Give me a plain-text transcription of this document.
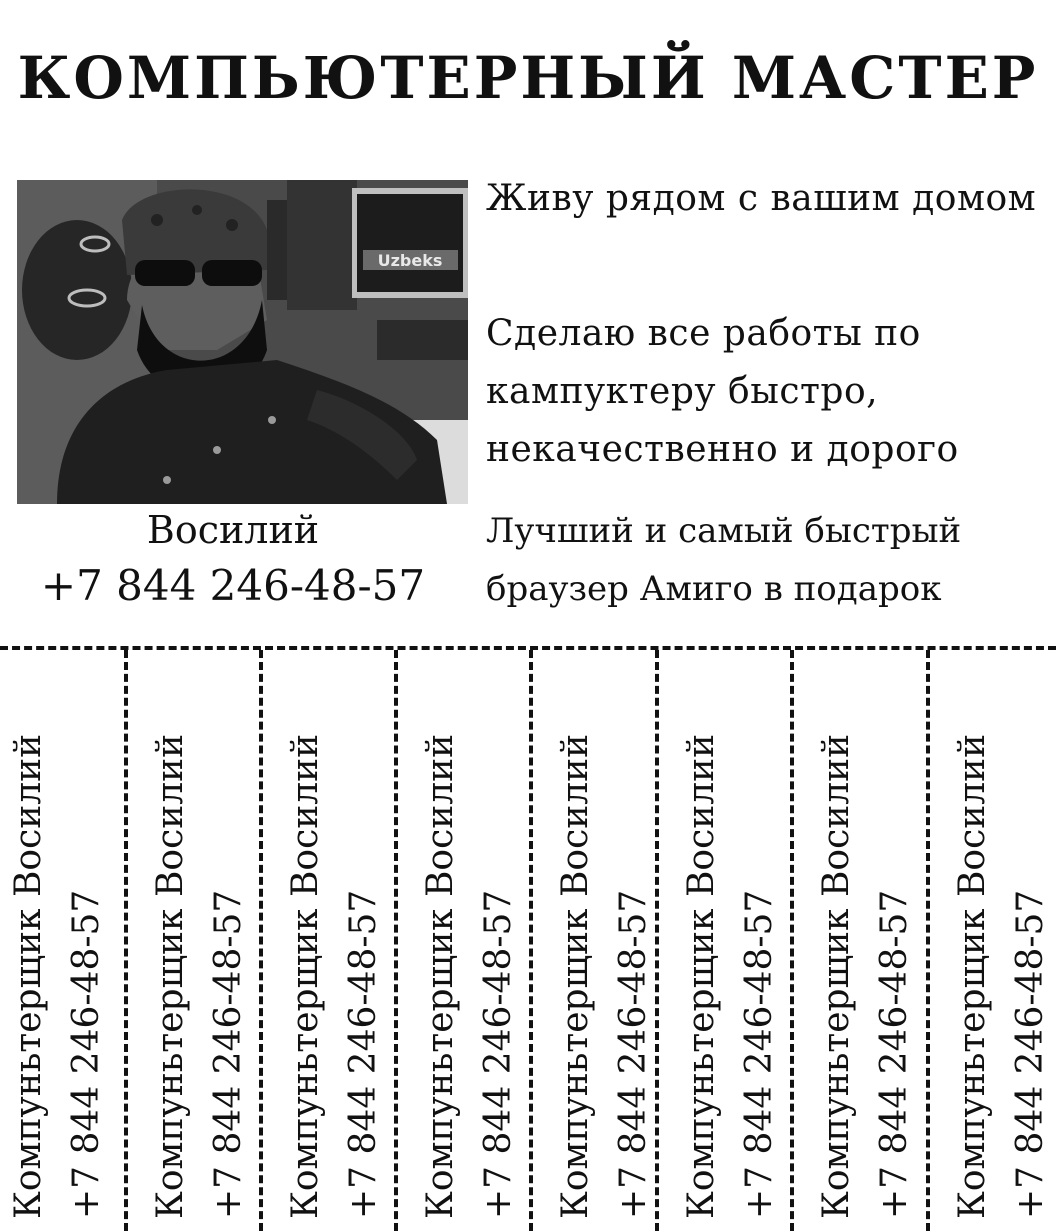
КОМПЬЮТЕРНЫЙ МАСТЕР
Uzbeks
Восилий
+7 844 246-48-57
Живу рядом с вашим домом
Сделаю все работы по кампуктеру быстро, некачественно и дорого
Лучший и самый быстрый браузер Амиго в подарок
Компуньтерщик Восилий +7 844 246-48-57 Компуньтерщик Восилий +7 844 246-48-57 Компуньтерщик Восилий +7 844 246-48-57 Компуньтерщик Восилий +7 844 246-48-57 Компуньтерщик Восилий +7 844 246-48-57 Компуньтерщик Восилий +7 844 246-48-57 Компуньтерщик Восилий +7 844 246-48-57 Компуньтерщик Восилий +7 844 246-48-57
